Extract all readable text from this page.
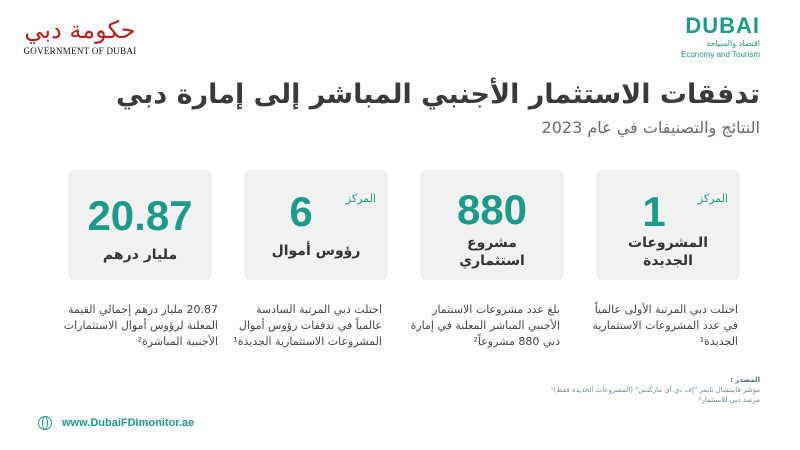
حكومة دبي
GOVERNMENT OF DUBAI
DUBAI
اقتصاد والسياحة
Economy and Tourism
تدفقات الاستثمار الأجنبي المباشر إلى إمارة دبي
النتائج والتصنيفات في عام 2023
المركز
1
المشروعات
الجديدة
880
مشروع
استثماري
المركز
6
رؤوس أموال
20.87
مليار درهم
احتلت دبي المرتبة الأولى عالمياً في عدد المشروعات الاستثمارية الجديدة¹
بلغ عدد مشروعات الاستثمار الأجنبي المباشر المعلنة في إمارة دبي 880 مشروعاً²
احتلت دبي المرتبة السادسة عالمياً في تدفقات رؤوس أموال المشروعات الاستثمارية الجديدة¹
20.87 مليار درهم إجمالي القيمة المعلنة لرؤوس أموال الاستثمارات الأجنبية المباشرة²
المصدر :
مؤشر فايننشال تايمز "إف دي آي ماركتس" (المشروعات الجديدة فقط)¹
مرصد دبي للاستثمار²
www.DubaiFDImonitor.ae
